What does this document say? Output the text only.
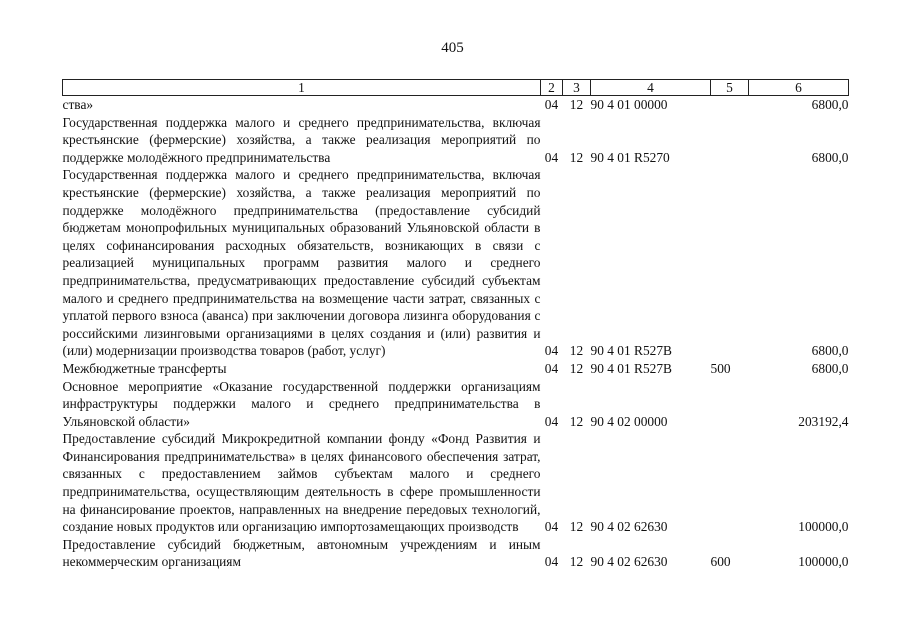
405
1	2	3	4	5	6
ства»	04	12	90 4 01 00000		6800,0
Государственная поддержка малого и среднего предпринимательства, включая крестьянские (фермерские) хозяйства, а также реализация мероприятий по поддержке молодёжного предпринимательства	04	12	90 4 01 R5270		6800,0
Государственная поддержка малого и среднего предпринимательства, включая крестьянские (фермерские) хозяйства, а также реализация мероприятий по поддержке молодёжного предпринимательства (предоставление субсидий бюджетам монопрофильных муниципальных образований Ульяновской области в целях софинансирования расходных обязательств, возникающих в связи с реализацией муниципальных программ развития малого и среднего предпринимательства, предусматривающих предоставление субсидий субъектам малого и среднего предпринимательства на возмещение части затрат, связанных с уплатой первого взноса (аванса) при заключении договора лизинга оборудования с российскими лизинговыми организациями в целях создания и (или) развития и (или) модернизации производства товаров (работ, услуг)	04	12	90 4 01 R527B		6800,0
Межбюджетные трансферты	04	12	90 4 01 R527B	500	6800,0
Основное мероприятие «Оказание государственной поддержки организациям инфраструктуры поддержки малого и среднего предпринимательства в Ульяновской области»	04	12	90 4 02 00000		203192,4
Предоставление субсидий Микрокредитной компании фонду «Фонд Развития и Финансирования предпринимательства» в целях финансового обеспечения затрат, связанных с предоставлением займов субъектам малого и среднего предпринимательства, осуществляющим деятельность в сфере промышленности на финансирование проектов, направленных на внедрение передовых технологий, создание новых продуктов или организацию импортозамещающих производств	04	12	90 4 02 62630		100000,0
Предоставление субсидий бюджетным, автономным учреждениям и иным некоммерческим организациям	04	12	90 4 02 62630	600	100000,0
